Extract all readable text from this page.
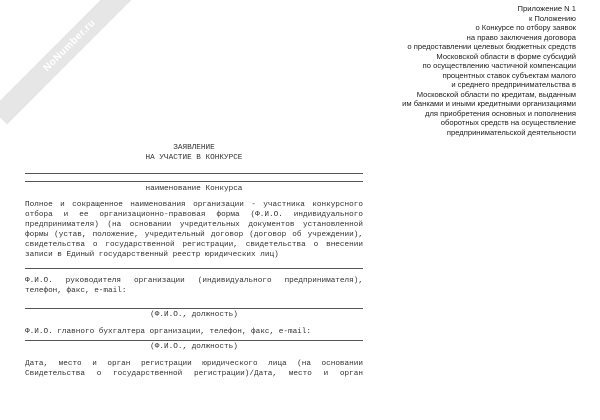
NoNumber.ru
Приложение N 1
к Положению
о Конкурсе по отбору заявок
на право заключения договора
о предоставлении целевых бюджетных средств
Московской области в форме субсидий
по осуществлению частичной компенсации
процентных ставок субъектам малого
и среднего предпринимательства в
Московской области по кредитам, выданным
им банками и иными кредитными организациями
для приобретения основных и пополнения
оборотных средств на осуществление
предпринимательской деятельности
ЗАЯВЛЕНИЕ
НА УЧАСТИЕ В КОНКУРСЕ
наименование Конкурса
Полное и сокращенное наименования организации - участника конкурсного отбора и ее организационно-правовая форма (Ф.И.О. индивидуального предпринимателя) (на основании учредительных документов установленной формы (устав, положение, учредительный договор (договор об учреждении), свидетельства о государственной регистрации, свидетельства о внесении записи в Единый государственный реестр юридических лиц)
Ф.И.О. руководителя организации (индивидуального предпринимателя), телефон, факс, e-mail:
(Ф.И.О., должность)
Ф.И.О. главного бухгалтера организации, телефон, факс, e-mail:
(Ф.И.О., должность)
Дата, место и орган регистрации юридического лица (на основании Свидетельства о государственной регистрации)/Дата, место и орган
